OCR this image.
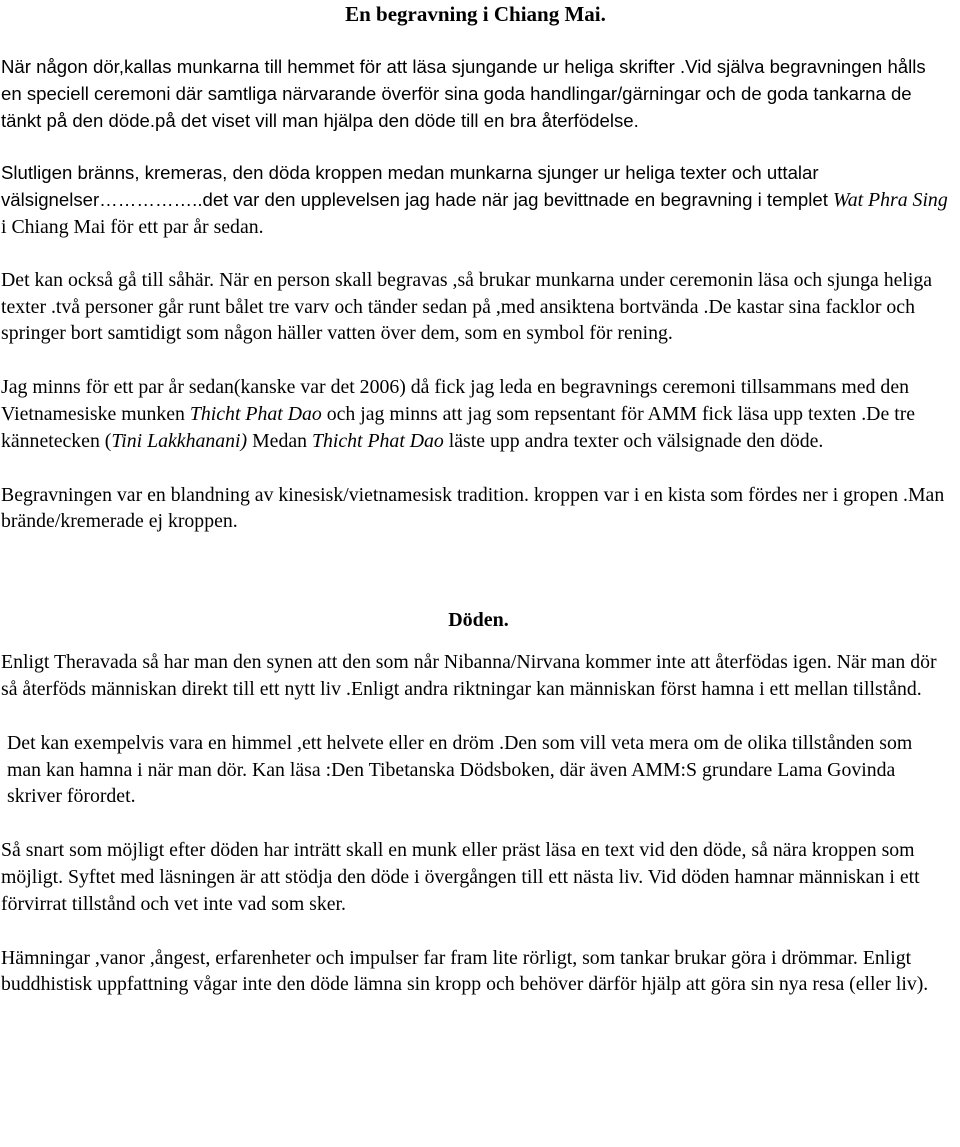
En begravning i Chiang Mai.

När någon dör,kallas munkarna till hemmet för att läsa sjungande ur heliga skrifter .Vid själva begravningen hålls en speciell ceremoni där samtliga närvarande överför sina goda handlingar/gärningar och de goda tankarna de tänkt på den döde.på det viset vill man hjälpa den döde till en bra återfödelse.

Slutligen bränns, kremeras, den döda kroppen medan munkarna sjunger ur heliga texter och uttalar välsignelser……………..det var den upplevelsen jag hade när jag bevittnade en begravning i templet Wat Phra Sing i Chiang Mai för ett par år sedan.

Det kan också gå till såhär. När en person skall begravas ,så brukar munkarna under ceremonin läsa och sjunga heliga texter .två personer går runt bålet tre varv och tänder sedan på ,med ansiktena bortvända .De kastar sina facklor och springer bort samtidigt som någon häller vatten över dem, som en symbol för rening.

Jag minns för ett par år sedan(kanske var det 2006) då fick jag leda en begravnings ceremoni tillsammans med den Vietnamesiske munken Thicht Phat Dao och jag minns att jag som repsentant för AMM fick läsa upp texten .De tre kännetecken (Tini Lakkhanani) Medan Thicht Phat Dao läste upp andra texter och välsignade den döde.

Begravningen var en blandning av kinesisk/vietnamesisk tradition. kroppen var i en kista som fördes ner i gropen .Man brände/kremerade ej kroppen.

Döden.

Enligt Theravada så har man den synen att den som når Nibanna/Nirvana kommer inte att återfödas igen. När man dör så återföds människan direkt till ett nytt liv .Enligt andra riktningar kan människan först hamna i ett mellan tillstånd.

Det kan exempelvis vara en himmel ,ett helvete eller en dröm .Den som vill veta mera om de olika tillstånden som man kan hamna i när man dör. Kan läsa :Den Tibetanska Dödsboken, där även AMM:S grundare Lama Govinda skriver förordet.

Så snart som möjligt efter döden har inträtt skall en munk eller präst läsa en text vid den döde, så nära kroppen som möjligt. Syftet med läsningen är att stödja den döde i övergången till ett nästa liv. Vid döden hamnar människan i ett förvirrat tillstånd och vet inte vad som sker.

Hämningar ,vanor ,ångest, erfarenheter och impulser far fram lite rörligt, som tankar brukar göra i drömmar. Enligt buddhistisk uppfattning vågar inte den döde lämna sin kropp och behöver därför hjälp att göra sin nya resa (eller liv).
